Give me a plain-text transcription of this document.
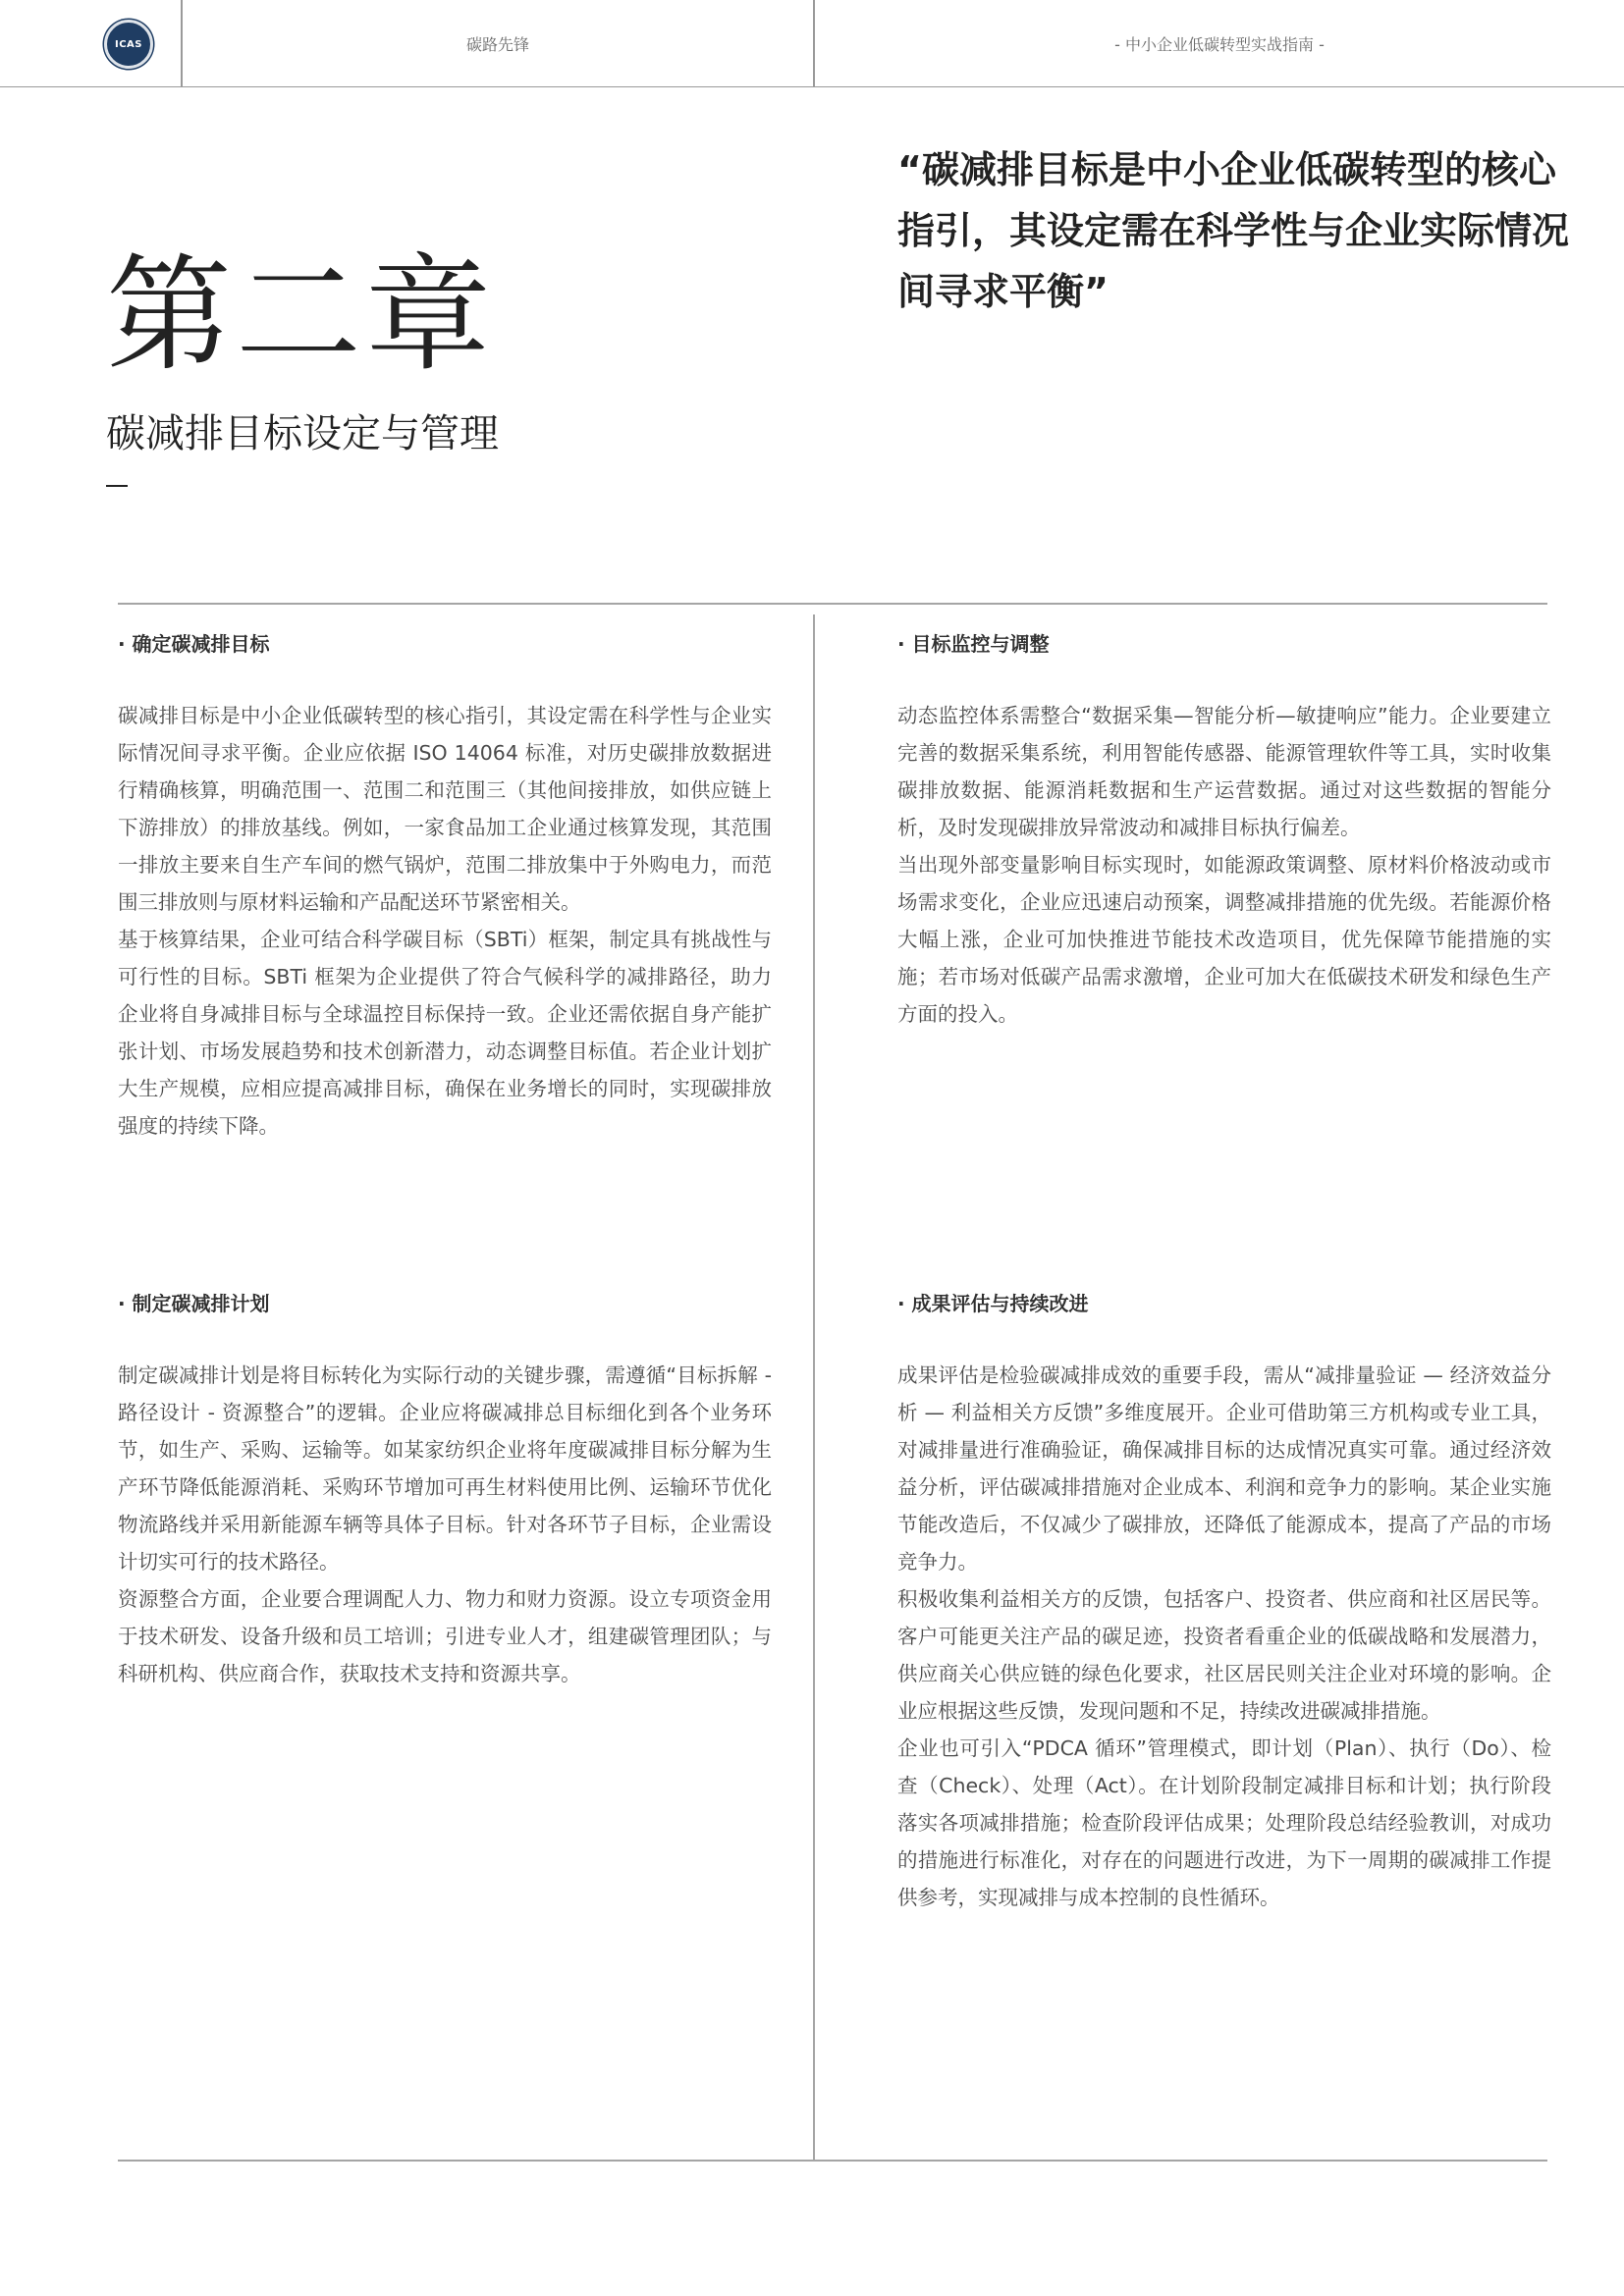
ICAS	碳路先锋	- 中小企业低碳转型实战指南 -
第二章
碳减排目标设定与管理
“碳减排目标是中小企业低碳转型的核心指引，其设定需在科学性与企业实际情况间寻求平衡”
· 确定碳减排目标

碳减排目标是中小企业低碳转型的核心指引，其设定需在科学性与企业实际情况间寻求平衡。企业应依据 ISO 14064 标准，对历史碳排放数据进行精确核算，明确范围一、范围二和范围三（其他间接排放，如供应链上下游排放）的排放基线。例如，一家食品加工企业通过核算发现，其范围一排放主要来自生产车间的燃气锅炉，范围二排放集中于外购电力，而范围三排放则与原材料运输和产品配送环节紧密相关。

基于核算结果，企业可结合科学碳目标（SBTi）框架，制定具有挑战性与可行性的目标。SBTi 框架为企业提供了符合气候科学的减排路径，助力企业将自身减排目标与全球温控目标保持一致。企业还需依据自身产能扩张计划、市场发展趋势和技术创新潜力，动态调整目标值。若企业计划扩大生产规模，应相应提高减排目标，确保在业务增长的同时，实现碳排放强度的持续下降。

· 目标监控与调整

动态监控体系需整合“数据采集—智能分析—敏捷响应”能力。企业要建立完善的数据采集系统，利用智能传感器、能源管理软件等工具，实时收集碳排放数据、能源消耗数据和生产运营数据。通过对这些数据的智能分析，及时发现碳排放异常波动和减排目标执行偏差。

当出现外部变量影响目标实现时，如能源政策调整、原材料价格波动或市场需求变化，企业应迅速启动预案，调整减排措施的优先级。若能源价格大幅上涨，企业可加快推进节能技术改造项目，优先保障节能措施的实施；若市场对低碳产品需求激增，企业可加大在低碳技术研发和绿色生产方面的投入。

· 制定碳减排计划

制定碳减排计划是将目标转化为实际行动的关键步骤，需遵循“目标拆解 - 路径设计 - 资源整合”的逻辑。企业应将碳减排总目标细化到各个业务环节，如生产、采购、运输等。如某家纺织企业将年度碳减排目标分解为生产环节降低能源消耗、采购环节增加可再生材料使用比例、运输环节优化物流路线并采用新能源车辆等具体子目标。针对各环节子目标，企业需设计切实可行的技术路径。

资源整合方面，企业要合理调配人力、物力和财力资源。设立专项资金用于技术研发、设备升级和员工培训；引进专业人才，组建碳管理团队；与科研机构、供应商合作，获取技术支持和资源共享。

· 成果评估与持续改进

成果评估是检验碳减排成效的重要手段，需从“减排量验证 — 经济效益分析 — 利益相关方反馈”多维度展开。企业可借助第三方机构或专业工具，对减排量进行准确验证，确保减排目标的达成情况真实可靠。通过经济效益分析，评估碳减排措施对企业成本、利润和竞争力的影响。某企业实施节能改造后，不仅减少了碳排放，还降低了能源成本，提高了产品的市场竞争力。

积极收集利益相关方的反馈，包括客户、投资者、供应商和社区居民等。客户可能更关注产品的碳足迹，投资者看重企业的低碳战略和发展潜力，供应商关心供应链的绿色化要求，社区居民则关注企业对环境的影响。企业应根据这些反馈，发现问题和不足，持续改进碳减排措施。

企业也可引入“PDCA 循环”管理模式，即计划（Plan）、执行（Do）、检查（Check）、处理（Act）。在计划阶段制定减排目标和计划；执行阶段落实各项减排措施；检查阶段评估成果；处理阶段总结经验教训，对成功的措施进行标准化，对存在的问题进行改进，为下一周期的碳减排工作提供参考，实现减排与成本控制的良性循环。
